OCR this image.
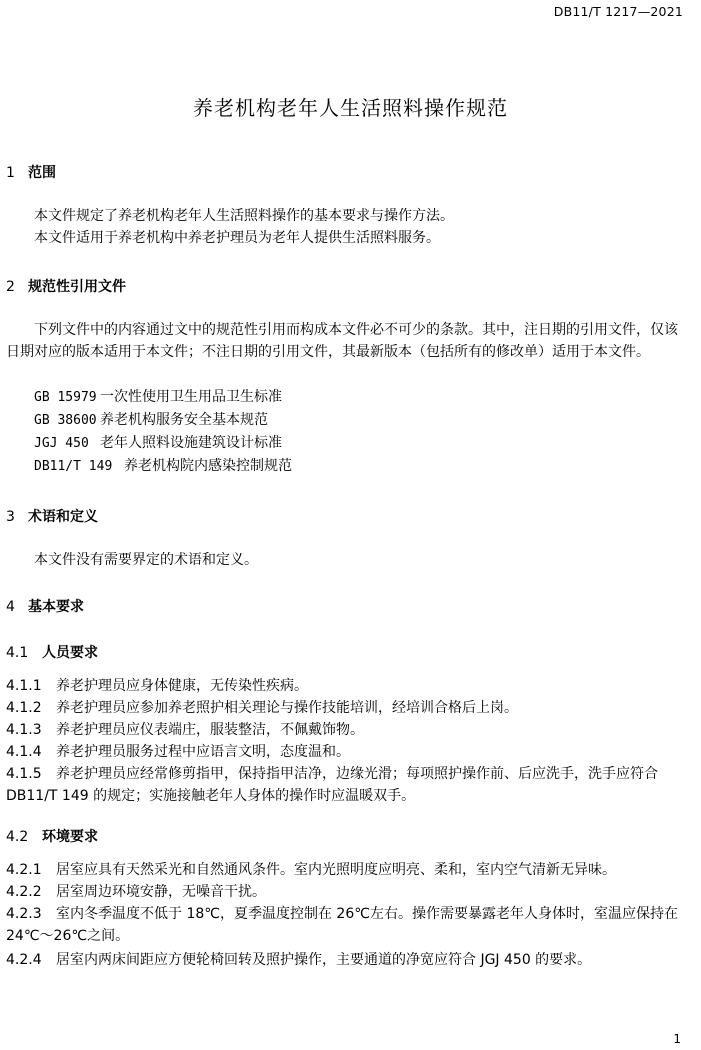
DB11/T 1217—2021
养老机构老年人生活照料操作规范
1 范围
本文件规定了养老机构老年人生活照料操作的基本要求与操作方法。
本文件适用于养老机构中养老护理员为老年人提供生活照料服务。
2 规范性引用文件
下列文件中的内容通过文中的规范性引用而构成本文件必不可少的条款。其中，注日期的引用文件，仅该日期对应的版本适用于本文件；不注日期的引用文件，其最新版本（包括所有的修改单）适用于本文件。
GB 15979 一次性使用卫生用品卫生标准
GB 38600 养老机构服务安全基本规范
JGJ 450 老年人照料设施建筑设计标准
DB11/T 149 养老机构院内感染控制规范
3 术语和定义
本文件没有需要界定的术语和定义。
4 基本要求
4.1 人员要求
4.1.1 养老护理员应身体健康，无传染性疾病。
4.1.2 养老护理员应参加养老照护相关理论与操作技能培训，经培训合格后上岗。
4.1.3 养老护理员应仪表端庄，服装整洁，不佩戴饰物。
4.1.4 养老护理员服务过程中应语言文明，态度温和。
4.1.5 养老护理员应经常修剪指甲，保持指甲洁净，边缘光滑；每项照护操作前、后应洗手，洗手应符合 DB11/T 149 的规定；实施接触老年人身体的操作时应温暖双手。
4.2 环境要求
4.2.1 居室应具有天然采光和自然通风条件。室内光照明度应明亮、柔和，室内空气清新无异味。
4.2.2 居室周边环境安静，无噪音干扰。
4.2.3 室内冬季温度不低于 18℃，夏季温度控制在 26℃左右。操作需要暴露老年人身体时，室温应保持在 24℃～26℃之间。
4.2.4 居室内两床间距应方便轮椅回转及照护操作，主要通道的净宽应符合 JGJ 450 的要求。
1
